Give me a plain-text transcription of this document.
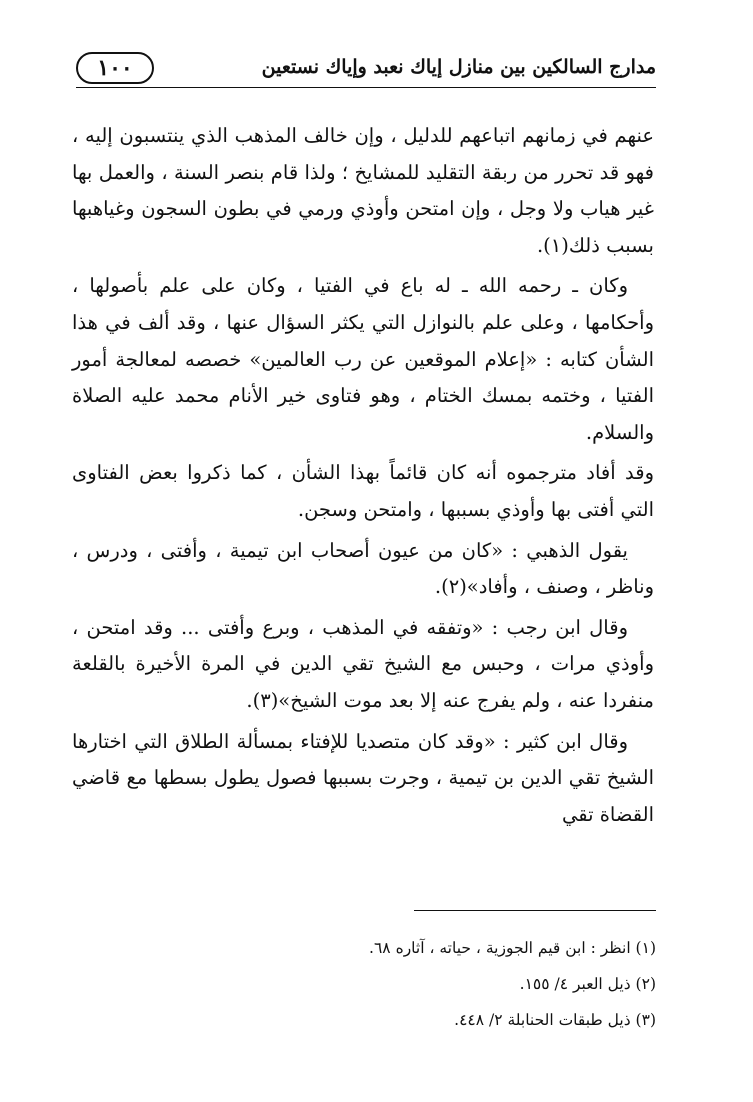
١٠٠	مدارج السالكين بين منازل إياك نعبد وإياك نستعين

عنهم في زمانهم اتباعهم للدليل ، وإن خالف المذهب الذي ينتسبون إليه ، فهو قد تحرر من ربقة التقليد للمشايخ ؛ ولذا قام بنصر السنة ، والعمل بها غير هياب ولا وجل ، وإن امتحن وأوذي ورمي في بطون السجون وغياهبها بسبب ذلك(١).

وكان ـ رحمه الله ـ له باع في الفتيا ، وكان على علم بأصولها ، وأحكامها ، وعلى علم بالنوازل التي يكثر السؤال عنها ، وقد ألف في هذا الشأن كتابه : «إعلام الموقعين عن رب العالمين» خصصه لمعالجة أمور الفتيا ، وختمه بمسك الختام ، وهو فتاوى خير الأنام محمد عليه الصلاة والسلام.

وقد أفاد مترجموه أنه كان قائماً بهذا الشأن ، كما ذكروا بعض الفتاوى التي أفتى بها وأوذي بسببها ، وامتحن وسجن.

يقول الذهبي : «كان من عيون أصحاب ابن تيمية ، وأفتى ، ودرس ، وناظر ، وصنف ، وأفاد»(٢).

وقال ابن رجب : «وتفقه في المذهب ، وبرع وأفتى ... وقد امتحن ، وأوذي مرات ، وحبس مع الشيخ تقي الدين في المرة الأخيرة بالقلعة منفردا عنه ، ولم يفرج عنه إلا بعد موت الشيخ»(٣).

وقال ابن كثير : «وقد كان متصديا للإفتاء بمسألة الطلاق التي اختارها الشيخ تقي الدين بن تيمية ، وجرت بسببها فصول يطول بسطها مع قاضي القضاة تقي

(١) انظر : ابن قيم الجوزية ، حياته ، آثاره ٦٨.
(٢) ذيل العبر ٤/ ١٥٥.
(٣) ذيل طبقات الحنابلة ٢/ ٤٤٨.
